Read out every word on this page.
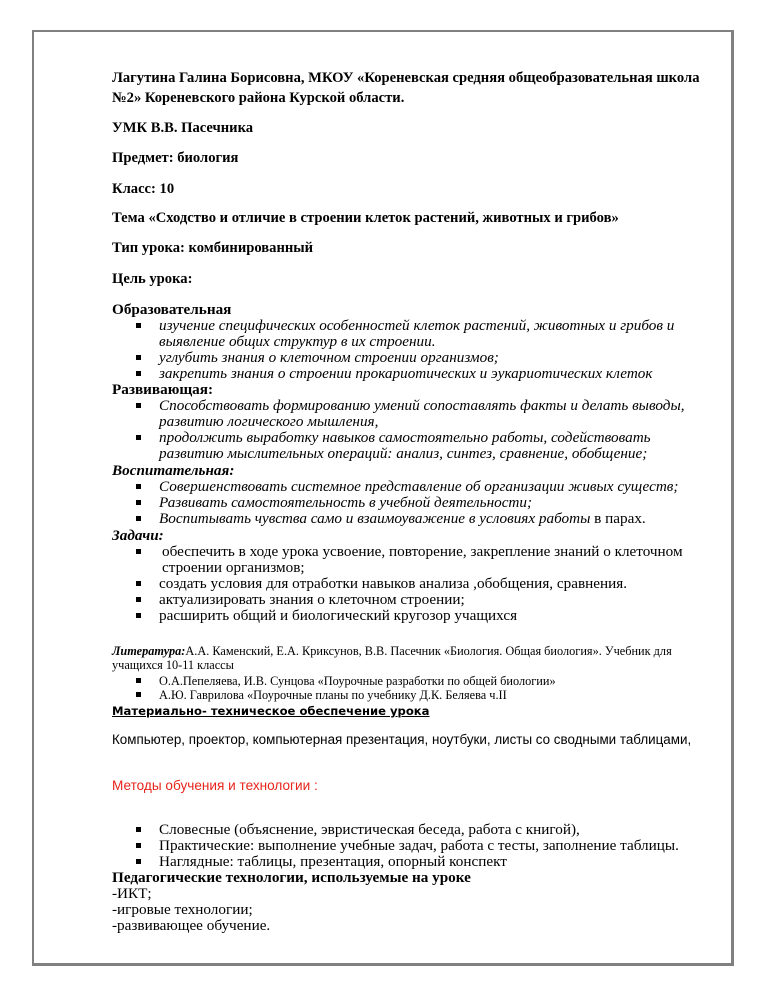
Лагутина Галина Борисовна, МКОУ «Кореневская средняя общеобразовательная школа №2» Кореневского района Курской области.
УМК В.В. Пасечника
Предмет: биология
Класс: 10
Тема «Сходство и отличие в строении клеток растений, животных и грибов»
Тип урока: комбинированный
Цель урока:
Образовательная
изучение специфических особенностей клеток растений, животных и грибов и выявление общих структур в их строении.
углубить знания о клеточном строении организмов;
закрепить знания о строении прокариотических и эукариотических клеток
Развивающая:
Способствовать формированию умений сопоставлять факты и делать выводы, развитию логического мышления,
продолжить выработку навыков самостоятельно работы, содействовать развитию мыслительных операций: анализ, синтез, сравнение, обобщение;
Воспитательная:
Совершенствовать системное представление об организации живых существ;
Развивать самостоятельность в учебной деятельности;
Воспитывать чувства само и взаимоуважение в условиях работы в парах.
Задачи:
обеспечить в ходе урока усвоение, повторение, закрепление знаний о клеточном строении организмов;
создать условия для отработки навыков анализа ,обобщения, сравнения.
актуализировать знания о клеточном строении;
расширить общий и биологический кругозор учащихся
Литература:А.А. Каменский, Е.А. Криксунов, В.В. Пасечник «Биология. Общая биология». Учебник для учащихся 10-11 классы
О.А.Пепеляева, И.В. Сунцова «Поурочные разработки по общей биологии»
А.Ю. Гаврилова «Поурочные планы по учебнику Д.К. Беляева ч.II
Материально- техническое обеспечение урока
Компьютер, проектор, компьютерная презентация, ноутбуки, листы со сводными таблицами,
Методы обучения и технологии :
Словесные (объяснение, эвристическая беседа, работа с книгой),
Практические: выполнение учебные задач, работа с тесты, заполнение таблицы.
Наглядные: таблицы, презентация, опорный конспект
Педагогические технологии, используемые на уроке
-ИКТ;
-игровые технологии;
-развивающее обучение.
